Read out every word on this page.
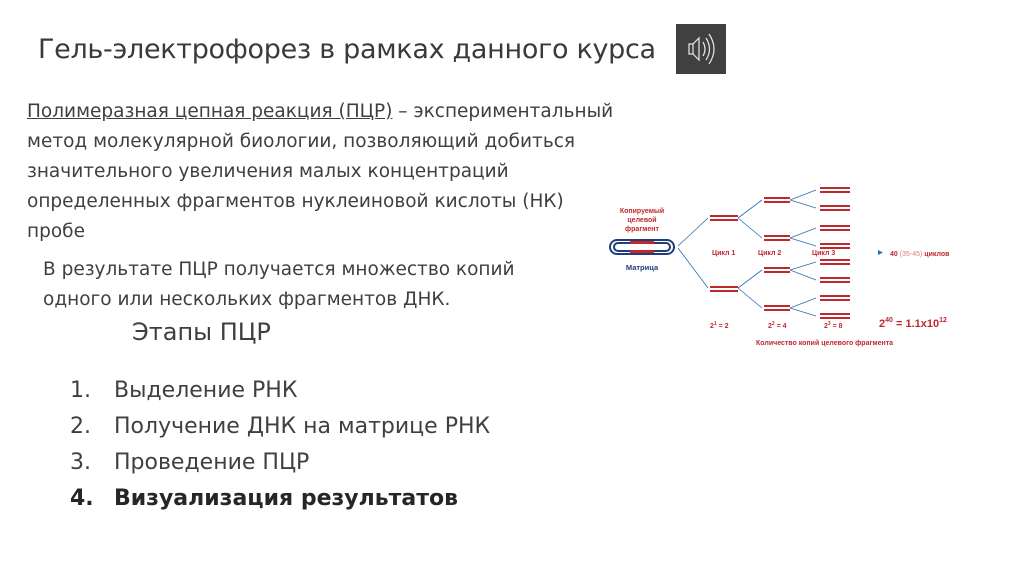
Гель-электрофорез в рамках данного курса
Полимеразная цепная реакция (ПЦР) – экспериментальный метод молекулярной биологии, позволяющий добиться значительного увеличения малых концентраций определенных фрагментов нуклеиновой кислоты (НК) пробе
В результате ПЦР получается множество копий одного или нескольких фрагментов ДНК.
Этапы ПЦР
1.	Выделение РНК
2.	Получение ДНК на матрице РНК
3.	Проведение ПЦР
4. Визуализация результатов
Копируемый
целевой
фрагмент
Матрица
Цикл 1	Цикл 2	Цикл 3	40 (35-45) циклов
$2^1 = 2$	$2^2 = 4$	$2^3 = 8$	$2^{40} = 1.1x10^{12}$
Количество копий целевого фрагмента
